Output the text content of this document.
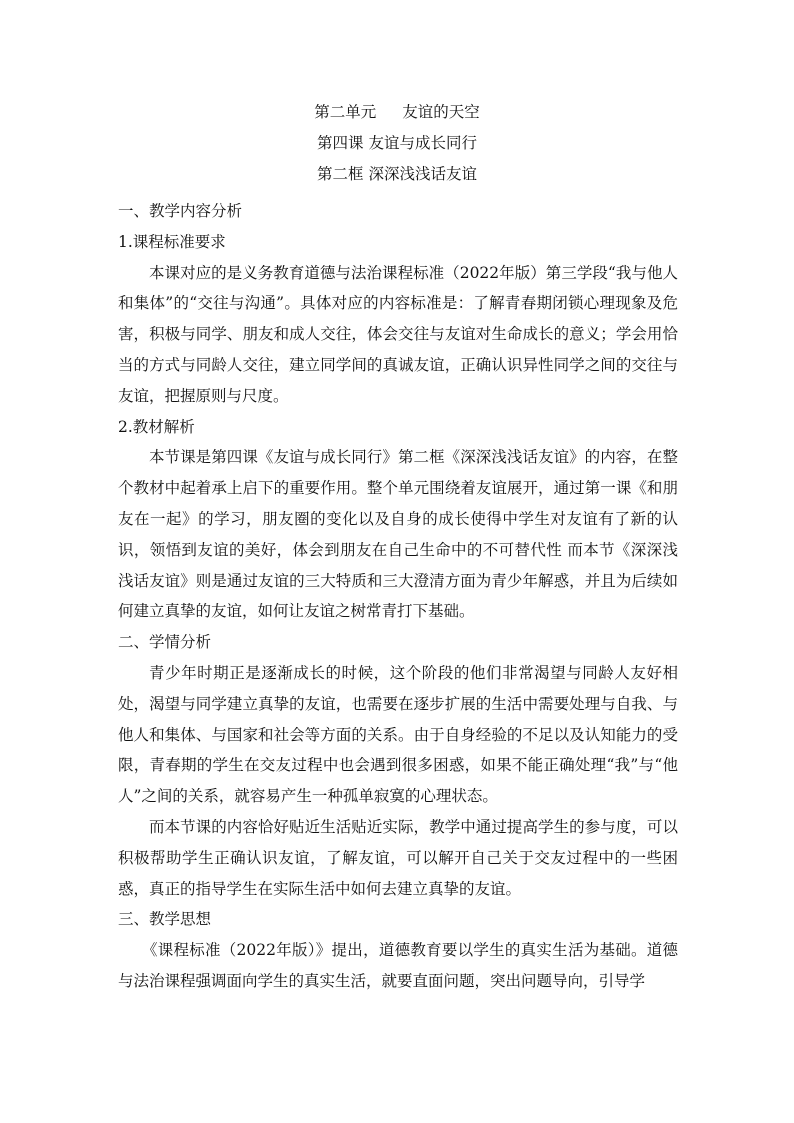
第二单元 友谊的天空
第四课 友谊与成长同行
第二框 深深浅浅话友谊

一、教学内容分析

1.课程标准要求

本课对应的是义务教育道德与法治课程标准（2022年版）第三学段“我与他人和集体”的“交往与沟通”。具体对应的内容标准是：了解青春期闭锁心理现象及危害，积极与同学、朋友和成人交往，体会交往与友谊对生命成长的意义；学会用恰当的方式与同龄人交往，建立同学间的真诚友谊，正确认识异性同学之间的交往与友谊，把握原则与尺度。

2.教材解析

本节课是第四课《友谊与成长同行》第二框《深深浅浅话友谊》的内容，在整个教材中起着承上启下的重要作用。整个单元围绕着友谊展开，通过第一课《和朋友在一起》的学习，朋友圈的变化以及自身的成长使得中学生对友谊有了新的认识，领悟到友谊的美好，体会到朋友在自己生命中的不可替代性 而本节《深深浅浅话友谊》则是通过友谊的三大特质和三大澄清方面为青少年解惑，并且为后续如何建立真挚的友谊，如何让友谊之树常青打下基础。

二、学情分析

青少年时期正是逐渐成长的时候，这个阶段的他们非常渴望与同龄人友好相处，渴望与同学建立真挚的友谊，也需要在逐步扩展的生活中需要处理与自我、与他人和集体、与国家和社会等方面的关系。由于自身经验的不足以及认知能力的受限，青春期的学生在交友过程中也会遇到很多困惑，如果不能正确处理“我”与“他人”之间的关系，就容易产生一种孤单寂寞的心理状态。

而本节课的内容恰好贴近生活贴近实际，教学中通过提高学生的参与度，可以积极帮助学生正确认识友谊，了解友谊，可以解开自己关于交友过程中的一些困惑，真正的指导学生在实际生活中如何去建立真挚的友谊。

三、教学思想

《课程标准（2022年版）》提出，道德教育要以学生的真实生活为基础。道德与法治课程强调面向学生的真实生活，就要直面问题，突出问题导向，引导学
